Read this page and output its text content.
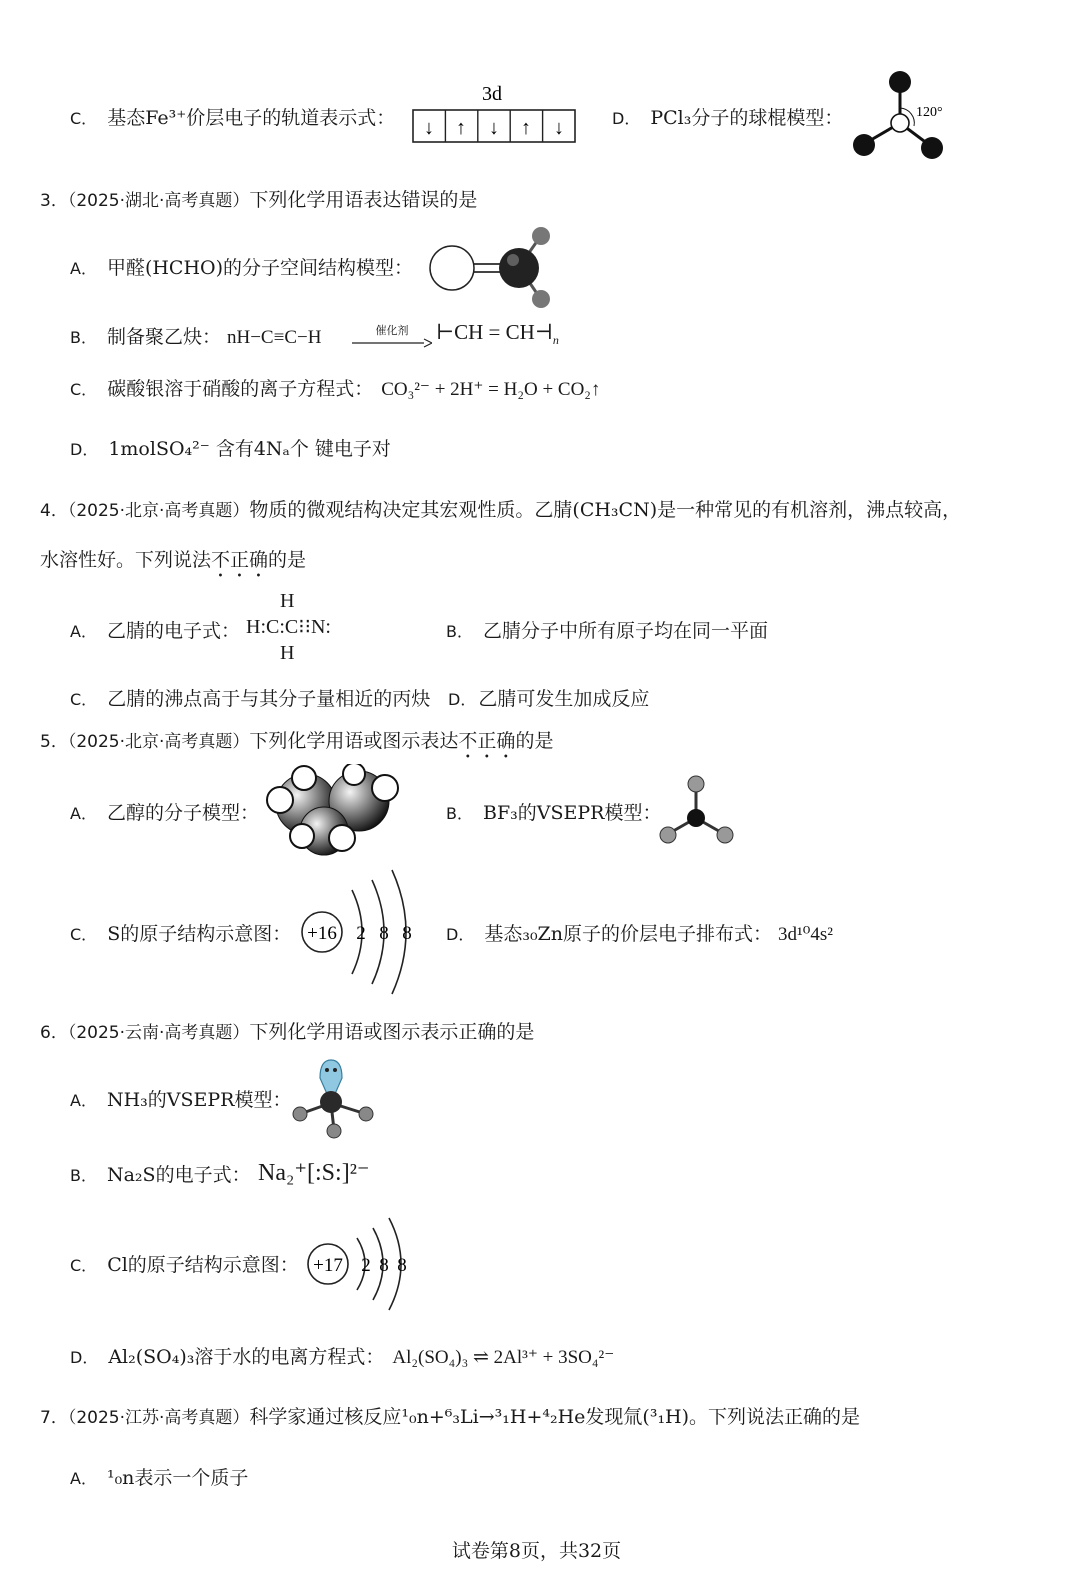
C． 基态Fe³⁺价层电子的轨道表示式：
3d
↓ ↑ ↓ ↑ ↓	D． PCl₃分子的球棍模型：	120°
3．（2025·湖北·高考真题）下列化学用语表达错误的是
A． 甲醛(HCHO)的分子空间结构模型：
B． 制备聚乙炔： nH−C≡C−H	催化剂	⊢CH = $CH⊣_n$
C． 碳酸银溶于硝酸的离子方程式： CO₃²⁻ + 2H⁺ = H₂O + CO₂↑
D． 1molSO₄²⁻ 含有4Nₐ个 键电子对
4．（2025·北京·高考真题）物质的微观结构决定其宏观性质。乙腈(CH₃CN)是一种常见的有机溶剂，沸点较高，
水溶性好。下列说法不正确的是
A． 乙腈的电子式：
H
H:C:C⁝⁝N:
H
B． 乙腈分子中所有原子均在同一平面
C． 乙腈的沸点高于与其分子量相近的丙炔 D． 乙腈可发生加成反应
5．（2025·北京·高考真题）下列化学用语或图示表达不正确的是
A． 乙醇的分子模型：	B． BF₃的VSEPR模型：
C． S的原子结构示意图： +16 2 8 8 D． 基态₃₀Zn原子的价层电子排布式： 3d¹⁰4s²
6．（2025·云南·高考真题）下列化学用语或图示表示正确的是
A． NH₃的VSEPR模型：
B． Na₂S的电子式： Na₂⁺[:S:]²⁻
C． Cl的原子结构示意图： +17 2 8 8
D． Al₂(SO₄)₃溶于水的电离方程式： Al₂(SO₄)₃ ⇌ 2Al³⁺ + 3SO₄²⁻
7．（2025·江苏·高考真题）科学家通过核反应¹₀n+⁶₃Li→³₁H+⁴₂He发现氚(³₁H)。下列说法正确的是
A． ¹₀n表示一个质子
试卷第8页，共32页
